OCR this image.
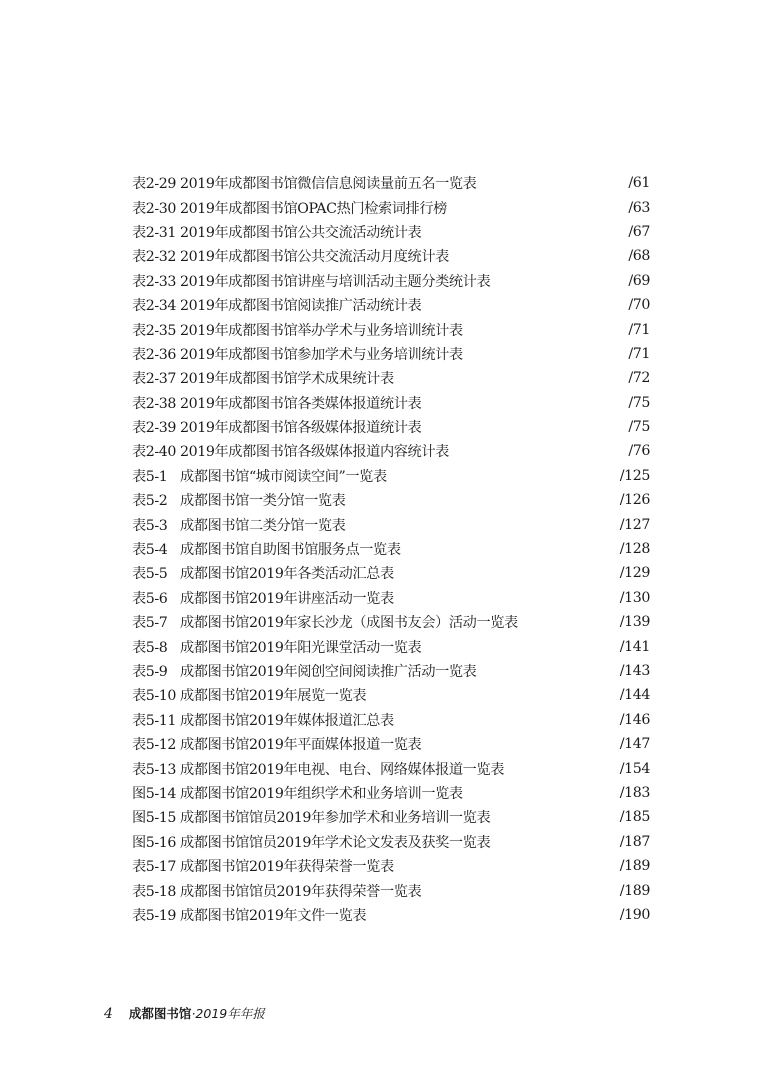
表2-29 2019年成都图书馆微信信息阅读量前五名一览表	/61
表2-30 2019年成都图书馆OPAC热门检索词排行榜	/63
表2-31 2019年成都图书馆公共交流活动统计表	/67
表2-32 2019年成都图书馆公共交流活动月度统计表	/68
表2-33 2019年成都图书馆讲座与培训活动主题分类统计表	/69
表2-34 2019年成都图书馆阅读推广活动统计表	/70
表2-35 2019年成都图书馆举办学术与业务培训统计表	/71
表2-36 2019年成都图书馆参加学术与业务培训统计表	/71
表2-37 2019年成都图书馆学术成果统计表	/72
表2-38 2019年成都图书馆各类媒体报道统计表	/75
表2-39 2019年成都图书馆各级媒体报道统计表	/75
表2-40 2019年成都图书馆各级媒体报道内容统计表	/76
表5-1 成都图书馆“城市阅读空间”一览表	/125
表5-2 成都图书馆一类分馆一览表	/126
表5-3 成都图书馆二类分馆一览表	/127
表5-4 成都图书馆自助图书馆服务点一览表	/128
表5-5 成都图书馆2019年各类活动汇总表	/129
表5-6 成都图书馆2019年讲座活动一览表	/130
表5-7 成都图书馆2019年家长沙龙（成图书友会）活动一览表	/139
表5-8 成都图书馆2019年阳光课堂活动一览表	/141
表5-9 成都图书馆2019年阅创空间阅读推广活动一览表	/143
表5-10 成都图书馆2019年展览一览表	/144
表5-11 成都图书馆2019年媒体报道汇总表	/146
表5-12 成都图书馆2019年平面媒体报道一览表	/147
表5-13 成都图书馆2019年电视、电台、网络媒体报道一览表	/154
图5-14 成都图书馆2019年组织学术和业务培训一览表	/183
图5-15 成都图书馆馆员2019年参加学术和业务培训一览表	/185
图5-16 成都图书馆馆员2019年学术论文发表及获奖一览表	/187
表5-17 成都图书馆2019年获得荣誉一览表	/189
表5-18 成都图书馆馆员2019年获得荣誉一览表	/189
表5-19 成都图书馆2019年文件一览表	/190
4 成都图书馆 · 2019年年报
